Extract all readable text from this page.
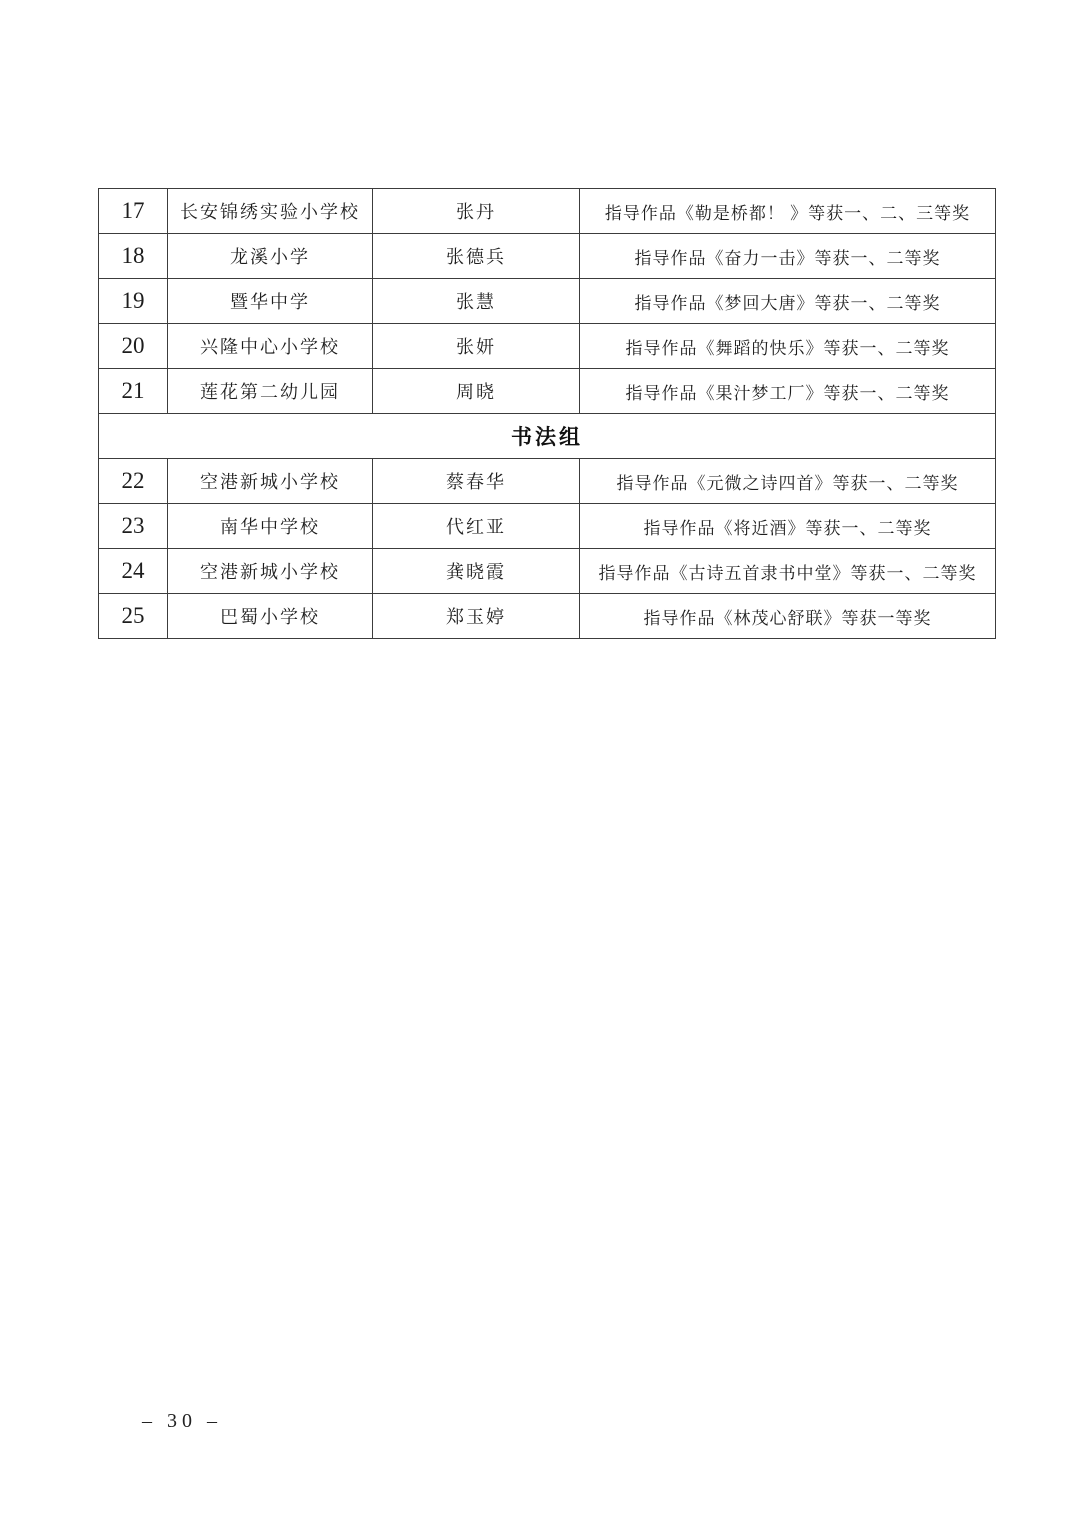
17	长安锦绣实验小学校	张丹	指导作品《勒是桥都！ 》等获一、二、三等奖
18	龙溪小学	张德兵	指导作品《奋力一击》等获一、二等奖
19	暨华中学	张慧	指导作品《梦回大唐》等获一、二等奖
20	兴隆中心小学校	张妍	指导作品《舞蹈的快乐》等获一、二等奖
21	莲花第二幼儿园	周晓	指导作品《果汁梦工厂》等获一、二等奖
书法组			
22	空港新城小学校	蔡春华	指导作品《元微之诗四首》等获一、二等奖
23	南华中学校	代红亚	指导作品《将近酒》等获一、二等奖
24	空港新城小学校	龚晓霞	指导作品《古诗五首隶书中堂》等获一、二等奖
25	巴蜀小学校	郑玉婷	指导作品《林茂心舒联》等获一等奖
– 30 –
